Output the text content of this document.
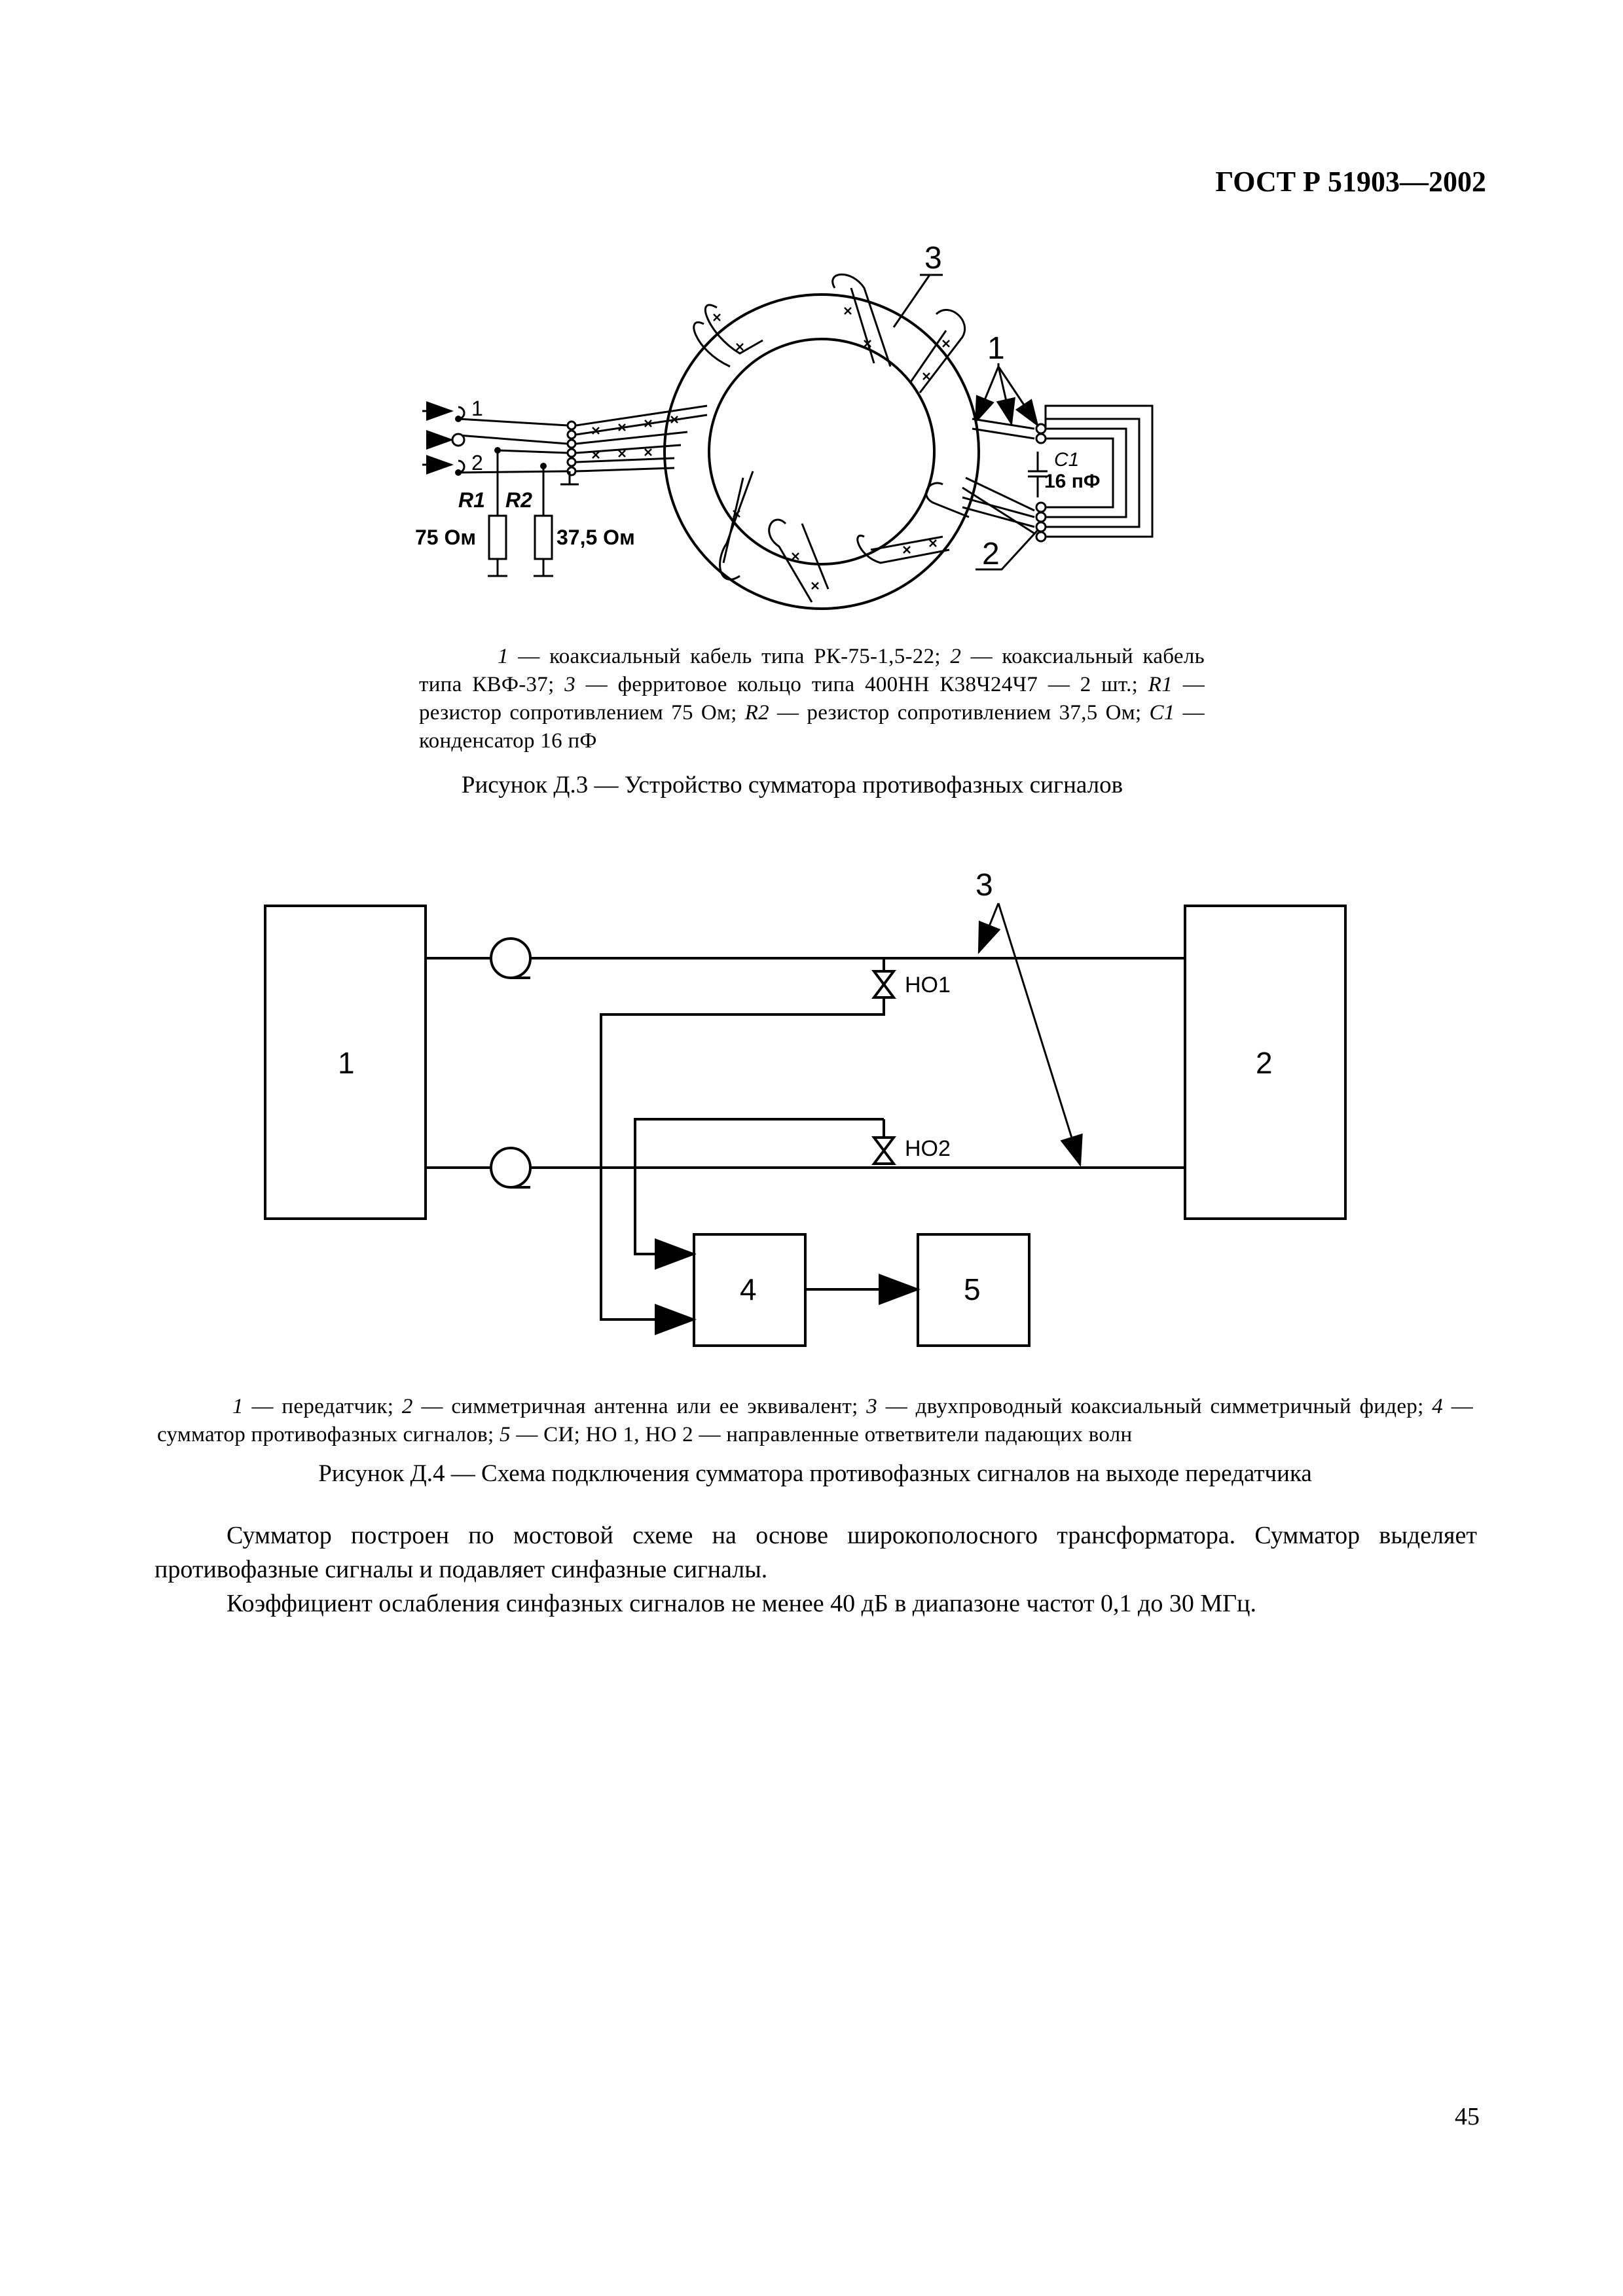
ГОСТ Р 51903—2002
1
2
R1 R2
75 Ом	37,5 Ом
3
C1
16 пФ
1
2
1 — коаксиальный кабель типа РК-75-1,5-22; 2 — коаксиальный кабель типа КВФ-37; 3 — ферритовое кольцо типа 400НН К38Ч24Ч7 — 2 шт.; R1 — резистор сопротивлением 75 Ом; R2 — резистор сопротивлением 37,5 Ом; C1 — конденсатор 16 пФ
Рисунок Д.3 — Устройство сумматора противофазных сигналов
3
1	2
4	5
НО1
НО2
1 — передатчик; 2 — симметричная антенна или ее эквивалент; 3 — двухпроводный коаксиальный симметричный фидер; 4 — сумматор противофазных сигналов; 5 — СИ; НО 1, НО 2 — направленные ответвители падающих волн
Рисунок Д.4 — Схема подключения сумматора противофазных сигналов на выходе передатчика
Сумматор построен по мостовой схеме на основе широкополосного трансформатора. Сумматор выделяет противофазные сигналы и подавляет синфазные сигналы.
Коэффициент ослабления синфазных сигналов не менее 40 дБ в диапазоне частот 0,1 до 30 МГц.
45
